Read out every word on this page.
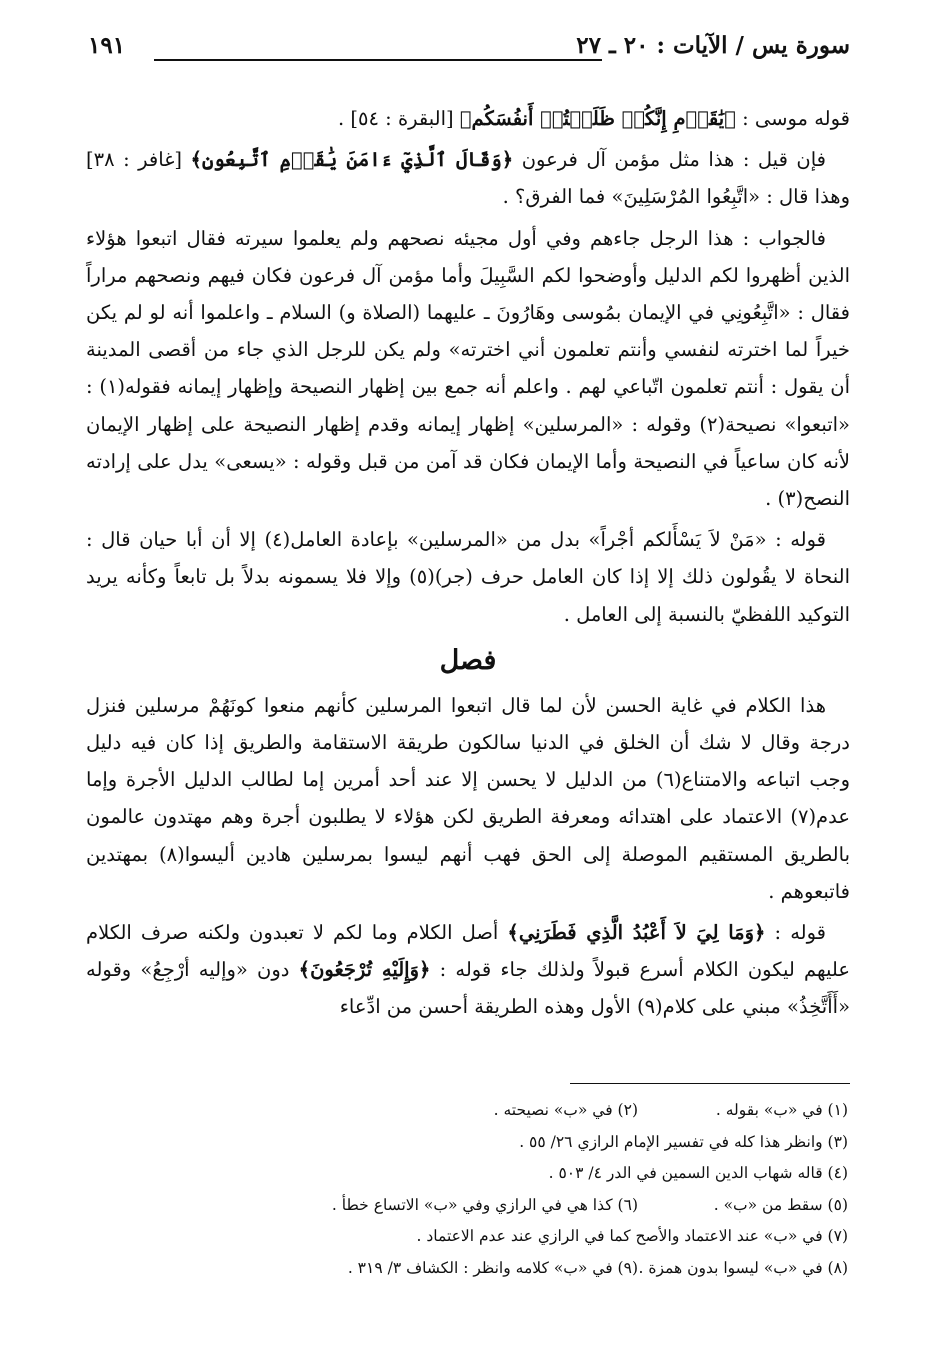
سورة يس / الآيات : ٢٠ ـ ٢٧
١٩١

قوله موسى : ﴿يَٰقَوۡمِ إِنَّكُمۡ ظَلَمۡتُمۡ أَنفُسَكُم﴾ [البقرة : ٥٤] .

فإن قيل : هذا مثل مؤمن آل فرعون ﴿وَقَالَ ٱلَّذِيٓ ءَامَنَ يَٰقَوۡمِ ٱتَّبِعُونِ﴾ [غافر : ٣٨] وهذا قال : «اتَّبِعُوا المُرْسَلِينَ» فما الفرق؟ .

فالجواب : هذا الرجل جاءهم وفي أول مجيئه نصحهم ولم يعلموا سيرته فقال اتبعوا هؤلاء الذين أظهروا لكم الدليل وأوضحوا لكم السَّبِيلَ وأما مؤمن آل فرعون فكان فيهم ونصحهم مراراً فقال : «اتَّبِعُونِي في الإيمان بمُوسى وهَارُونَ ـ عليهما (الصلاة و) السلام ـ واعلموا أنه لو لم يكن خيراً لما اخترته لنفسي وأنتم تعلمون أني اخترته» ولم يكن للرجل الذي جاء من أقصى المدينة أن يقول : أنتم تعلمون اتّباعي لهم . واعلم أنه جمع بين إظهار النصيحة وإظهار إيمانه فقوله(١) : «اتبعوا» نصيحة(٢) وقوله : «المرسلين» إظهار إيمانه وقدم إظهار النصيحة على إظهار الإيمان لأنه كان ساعياً في النصيحة وأما الإيمان فكان قد آمن من قبل وقوله : «يسعى» يدل على إرادته النصح(٣) .

قوله : «مَنْ لاَ يَسْأَلكم أجْراً» بدل من «المرسلين» بإعادة العامل(٤) إلا أن أبا حيان قال : النحاة لا يقُولون ذلك إلا إذا كان العامل حرف (جر)(٥) وإلا فلا يسمونه بدلاً بل تابعاً وكأنه يريد التوكيد اللفظيّ بالنسبة إلى العامل .

فصل

هذا الكلام في غاية الحسن لأن لما قال اتبعوا المرسلين كأنهم منعوا كونَهُمْ مرسلين فنزل درجة وقال لا شك أن الخلق في الدنيا سالكون طريقة الاستقامة والطريق إذا كان فيه دليل وجب اتباعه والامتناع(٦) من الدليل لا يحسن إلا عند أحد أمرين إما لطالب الدليل الأجرة وإما عدم(٧) الاعتماد على اهتدائه ومعرفة الطريق لكن هؤلاء لا يطلبون أجرة وهم مهتدون عالمون بالطريق المستقيم الموصلة إلى الحق فهب أنهم ليسوا بمرسلين هادين أليسوا(٨) بمهتدين فاتبعوهم .

قوله : ﴿وَمَا لِيَ لاَ أَعْبُدُ الَّذِي فَطَرَنِي﴾ أصل الكلام وما لكم لا تعبدون ولكنه صرف الكلام عليهم ليكون الكلام أسرع قبولاً ولذلك جاء قوله : ﴿وَإِلَيْهِ تُرْجَعُونَ﴾ دون «وإليه أرْجِعُ» وقوله «أَأَتَّخِذُ» مبني على كلام(٩) الأول وهذه الطريقة أحسن من ادِّعاء

(١) في «ب» بقوله .
(٢) في «ب» نصيحته .
(٣) وانظر هذا كله في تفسير الإمام الرازي ٢٦/ ٥٥ .
(٤) قاله شهاب الدين السمين في الدر ٤/ ٥٠٣ .
(٥) سقط من «ب» .
(٦) كذا هي في الرازي وفي «ب» الاتساع خطأ .
(٧) في «ب» عند الاعتماد والأصح كما في الرازي عند عدم الاعتماد .
(٨) في «ب» ليسوا بدون همزة .
(٩) في «ب» كلامه وانظر : الكشاف ٣/ ٣١٩ .
